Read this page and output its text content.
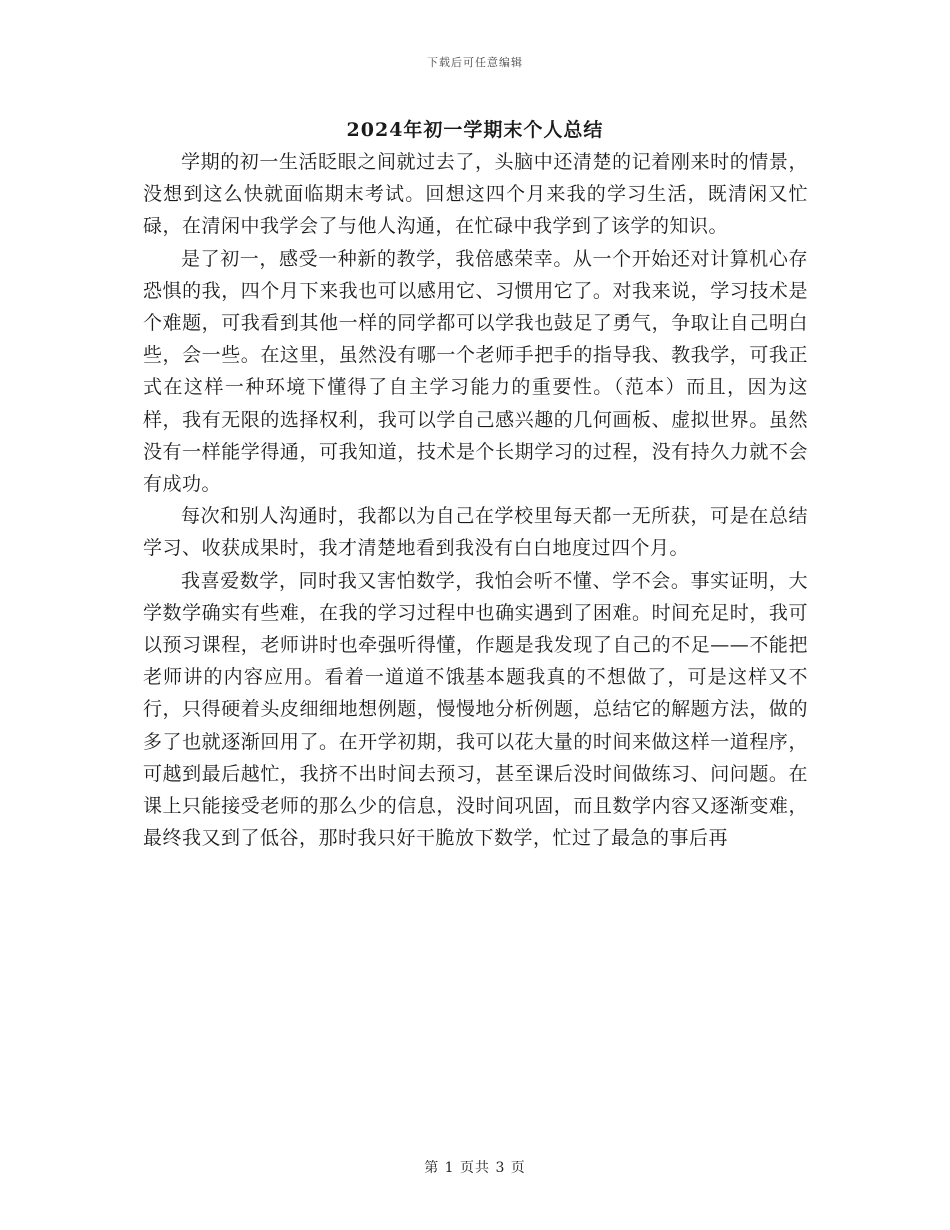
下载后可任意编辑
2024年初一学期末个人总结

学期的初一生活眨眼之间就过去了，头脑中还清楚的记着刚来时的情景，没想到这么快就面临期末考试。回想这四个月来我的学习生活，既清闲又忙碌，在清闲中我学会了与他人沟通，在忙碌中我学到了该学的知识。

是了初一，感受一种新的教学，我倍感荣幸。从一个开始还对计算机心存恐惧的我，四个月下来我也可以感用它、习惯用它了。对我来说，学习技术是个难题，可我看到其他一样的同学都可以学我也鼓足了勇气，争取让自己明白些，会一些。在这里，虽然没有哪一个老师手把手的指导我、教我学，可我正式在这样一种环境下懂得了自主学习能力的重要性。（范本）而且，因为这样，我有无限的选择权利，我可以学自己感兴趣的几何画板、虚拟世界。虽然没有一样能学得通，可我知道，技术是个长期学习的过程，没有持久力就不会有成功。

每次和别人沟通时，我都以为自己在学校里每天都一无所获，可是在总结学习、收获成果时，我才清楚地看到我没有白白地度过四个月。

我喜爱数学，同时我又害怕数学，我怕会听不懂、学不会。事实证明，大学数学确实有些难，在我的学习过程中也确实遇到了困难。时间充足时，我可以预习课程，老师讲时也牵强听得懂，作题是我发现了自己的不足——不能把老师讲的内容应用。看着一道道不饿基本题我真的不想做了，可是这样又不行，只得硬着头皮细细地想例题，慢慢地分析例题，总结它的解题方法，做的多了也就逐渐回用了。在开学初期，我可以花大量的时间来做这样一道程序，可越到最后越忙，我挤不出时间去预习，甚至课后没时间做练习、问问题。在课上只能接受老师的那么少的信息，没时间巩固，而且数学内容又逐渐变难，最终我又到了低谷，那时我只好干脆放下数学，忙过了最急的事后再

第 1 页共 3 页
